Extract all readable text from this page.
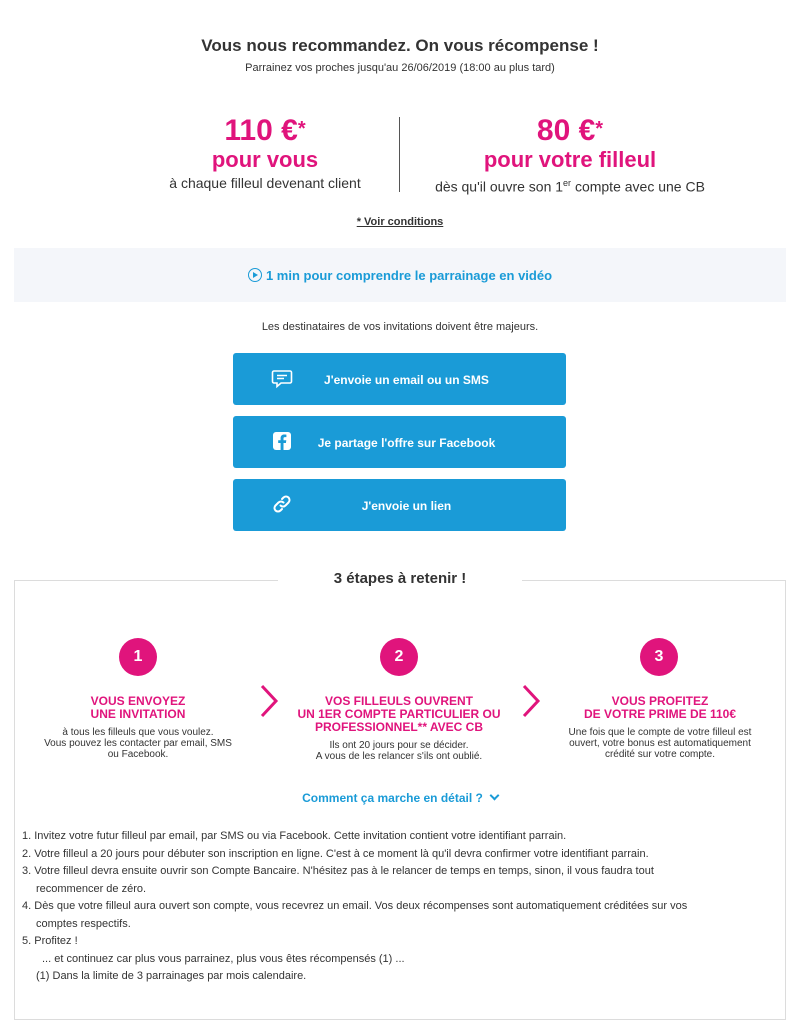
Vous nous recommandez. On vous récompense !
Parrainez vos proches jusqu'au 26/06/2019 (18:00 au plus tard)
110 €*
pour vous
à chaque filleul devenant client
80 €*
pour votre filleul
dès qu'il ouvre son 1er compte avec une CB
* Voir conditions
1 min pour comprendre le parrainage en vidéo
Les destinataires de vos invitations doivent être majeurs.
J'envoie un email ou un SMS
Je partage l'offre sur Facebook
J'envoie un lien
3 étapes à retenir !
1
VOUS ENVOYEZ
UNE INVITATION
à tous les filleuls que vous voulez.
Vous pouvez les contacter par email, SMS
ou Facebook.
2
VOS FILLEULS OUVRENT
UN 1ER COMPTE PARTICULIER OU
PROFESSIONNEL** AVEC CB
Ils ont 20 jours pour se décider.
A vous de les relancer s'ils ont oublié.
3
VOUS PROFITEZ
DE VOTRE PRIME DE 110€
Une fois que le compte de votre filleul est
ouvert, votre bonus est automatiquement
crédité sur votre compte.
Comment ça marche en détail ?
1. Invitez votre futur filleul par email, par SMS ou via Facebook. Cette invitation contient votre identifiant parrain.
2. Votre filleul a 20 jours pour débuter son inscription en ligne. C'est à ce moment là qu'il devra confirmer votre identifiant parrain.
3. Votre filleul devra ensuite ouvrir son Compte Bancaire. N'hésitez pas à le relancer de temps en temps, sinon, il vous faudra tout
recommencer de zéro.
4. Dès que votre filleul aura ouvert son compte, vous recevrez un email. Vos deux récompenses sont automatiquement créditées sur vos
comptes respectifs.
5. Profitez !
... et continuez car plus vous parrainez, plus vous êtes récompensés (1) ...
(1) Dans la limite de 3 parrainages par mois calendaire.
